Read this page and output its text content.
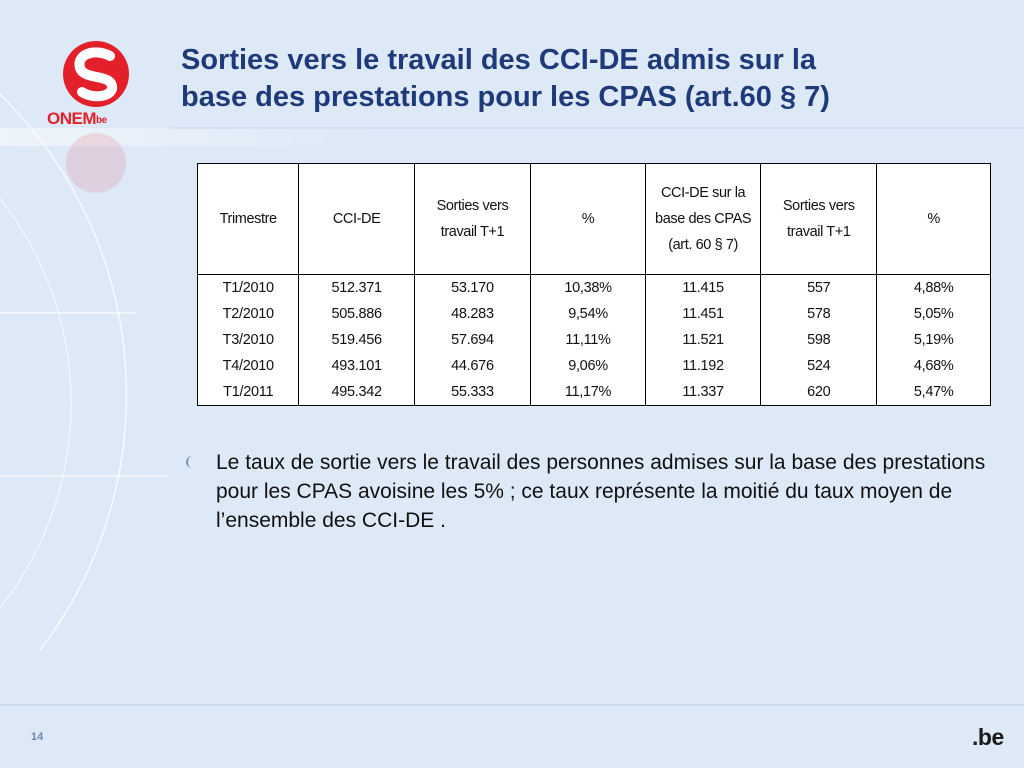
ONEMbe
Sorties vers le travail des CCI-DE admis sur la
base des prestations pour les CPAS (art.60 § 7)
Trimestre	CCI-DE	Sorties vers travail T+1	%	CCI-DE sur la base des CPAS (art. 60 § 7)	Sorties vers travail T+1	%
T1/2010	512.371	53.170	10,38%	11.415	557	4,88%
T2/2010	505.886	48.283	9,54%	11.451	578	5,05%
T3/2010	519.456	57.694	11,11%	11.521	598	5,19%
T4/2010	493.101	44.676	9,06%	11.192	524	4,68%
T1/2011	495.342	55.333	11,17%	11.337	620	5,47%

Le taux de sortie vers le travail des personnes admises sur la base des prestations pour les CPAS avoisine les 5% ; ce taux représente la moitié du taux moyen de l’ensemble des CCI-DE .

14	.be
